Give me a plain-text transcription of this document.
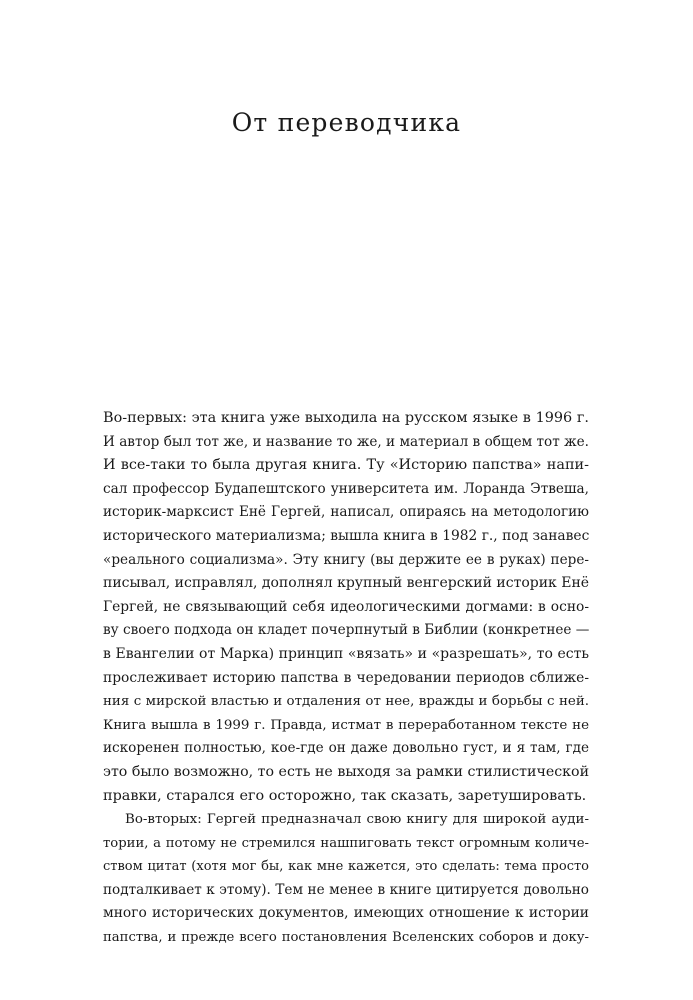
От переводчика
Во-первых: эта книга уже выходила на русском языке в 1996 г.
И автор был тот же, и название то же, и материал в общем тот же.
И все-таки то была другая книга. Ту «Историю папства» напи-
сал профессор Будапештского университета им. Лоранда Этвеша,
историк-марксист Енё Гергей, написал, опираясь на методологию
исторического материализма; вышла книга в 1982 г., под занавес
«реального социализма». Эту книгу (вы держите ее в руках) пере-
писывал, исправлял, дополнял крупный венгерский историк Енё
Гергей, не связывающий себя идеологическими догмами: в осно-
ву своего подхода он кладет почерпнутый в Библии (конкретнее —
в Евангелии от Марка) принцип «вязать» и «разрешать», то есть
прослеживает историю папства в чередовании периодов сближе-
ния с мирской властью и отдаления от нее, вражды и борьбы с ней.
Книга вышла в 1999 г. Правда, истмат в переработанном тексте не
искоренен полностью, кое-где он даже довольно густ, и я там, где
это было возможно, то есть не выходя за рамки стилистической
правки, старался его осторожно, так сказать, заретушировать.
Во-вторых: Гергей предназначал свою книгу для широкой ауди-
тории, а потому не стремился нашпиговать текст огромным количе-
ством цитат (хотя мог бы, как мне кажется, это сделать: тема просто
подталкивает к этому). Тем не менее в книге цитируется довольно
много исторических документов, имеющих отношение к истории
папства, и прежде всего постановления Вселенских соборов и доку-
